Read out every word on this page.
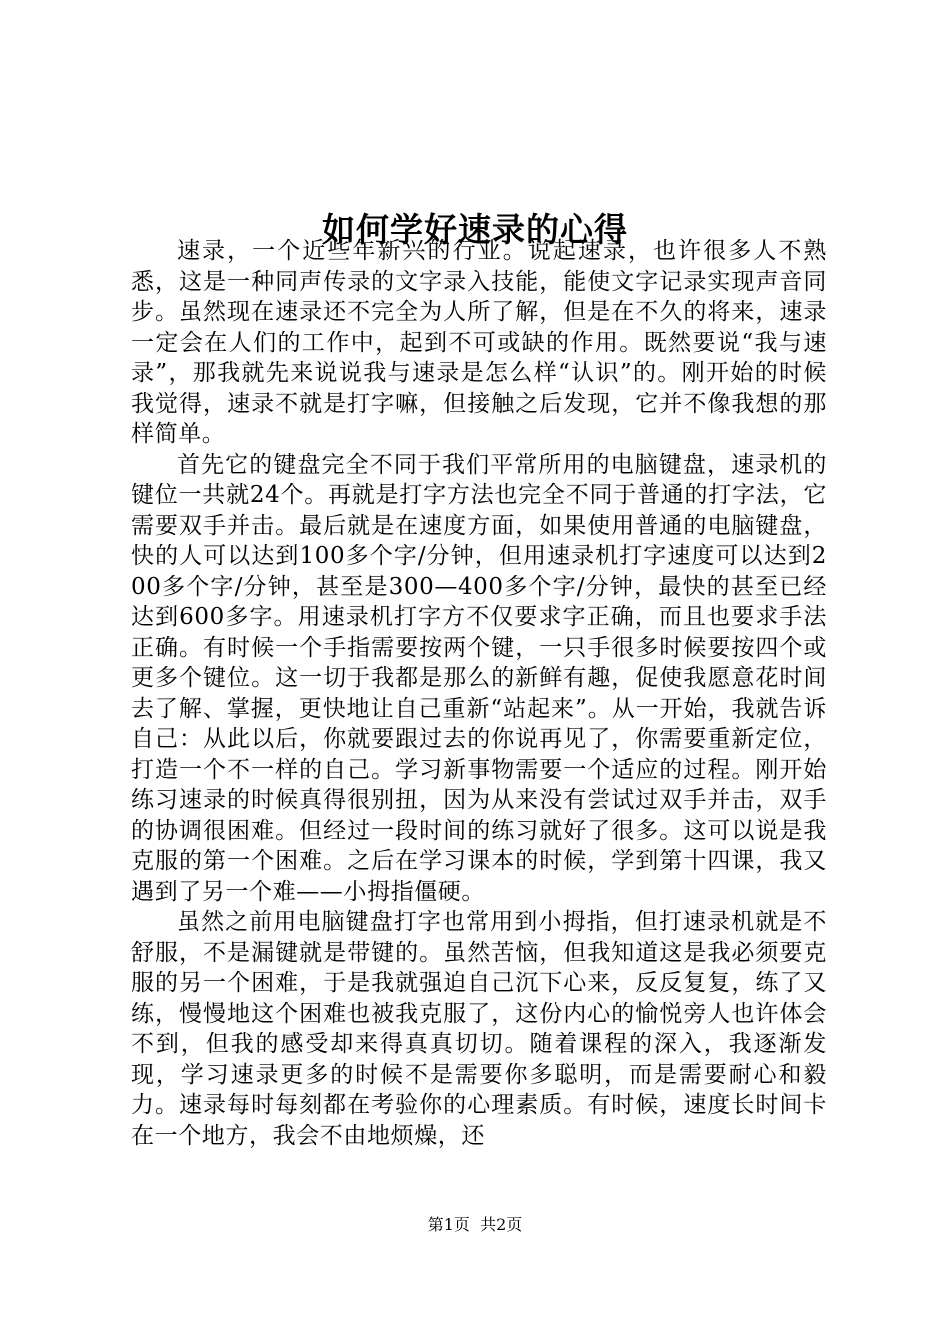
如何学好速录的心得

速录，一个近些年新兴的行业。说起速录，也许很多人不熟悉，这是一种同声传录的文字录入技能，能使文字记录实现声音同步。虽然现在速录还不完全为人所了解，但是在不久的将来，速录一定会在人们的工作中，起到不可或缺的作用。既然要说“我与速录”，那我就先来说说我与速录是怎么样“认识”的。刚开始的时候我觉得，速录不就是打字嘛，但接触之后发现，它并不像我想的那样简单。

首先它的键盘完全不同于我们平常所用的电脑键盘，速录机的键位一共就24个。再就是打字方法也完全不同于普通的打字法，它需要双手并击。最后就是在速度方面，如果使用普通的电脑键盘，快的人可以达到100多个字/分钟，但用速录机打字速度可以达到200多个字/分钟，甚至是300—400多个字/分钟，最快的甚至已经达到600多字。用速录机打字方不仅要求字正确，而且也要求手法正确。有时候一个手指需要按两个键，一只手很多时候要按四个或更多个键位。这一切于我都是那么的新鲜有趣，促使我愿意花时间去了解、掌握，更快地让自己重新“站起来”。从一开始，我就告诉自己：从此以后，你就要跟过去的你说再见了，你需要重新定位，打造一个不一样的自己。学习新事物需要一个适应的过程。刚开始练习速录的时候真得很别扭，因为从来没有尝试过双手并击，双手的协调很困难。但经过一段时间的练习就好了很多。这可以说是我克服的第一个困难。之后在学习课本的时候，学到第十四课，我又遇到了另一个难——小拇指僵硬。

虽然之前用电脑键盘打字也常用到小拇指，但打速录机就是不舒服，不是漏键就是带键的。虽然苦恼，但我知道这是我必须要克服的另一个困难，于是我就强迫自己沉下心来，反反复复，练了又练，慢慢地这个困难也被我克服了，这份内心的愉悦旁人也许体会不到，但我的感受却来得真真切切。随着课程的深入，我逐渐发现，学习速录更多的时候不是需要你多聪明，而是需要耐心和毅力。速录每时每刻都在考验你的心理素质。有时候，速度长时间卡在一个地方，我会不由地烦燥，还

第1页 共2页
